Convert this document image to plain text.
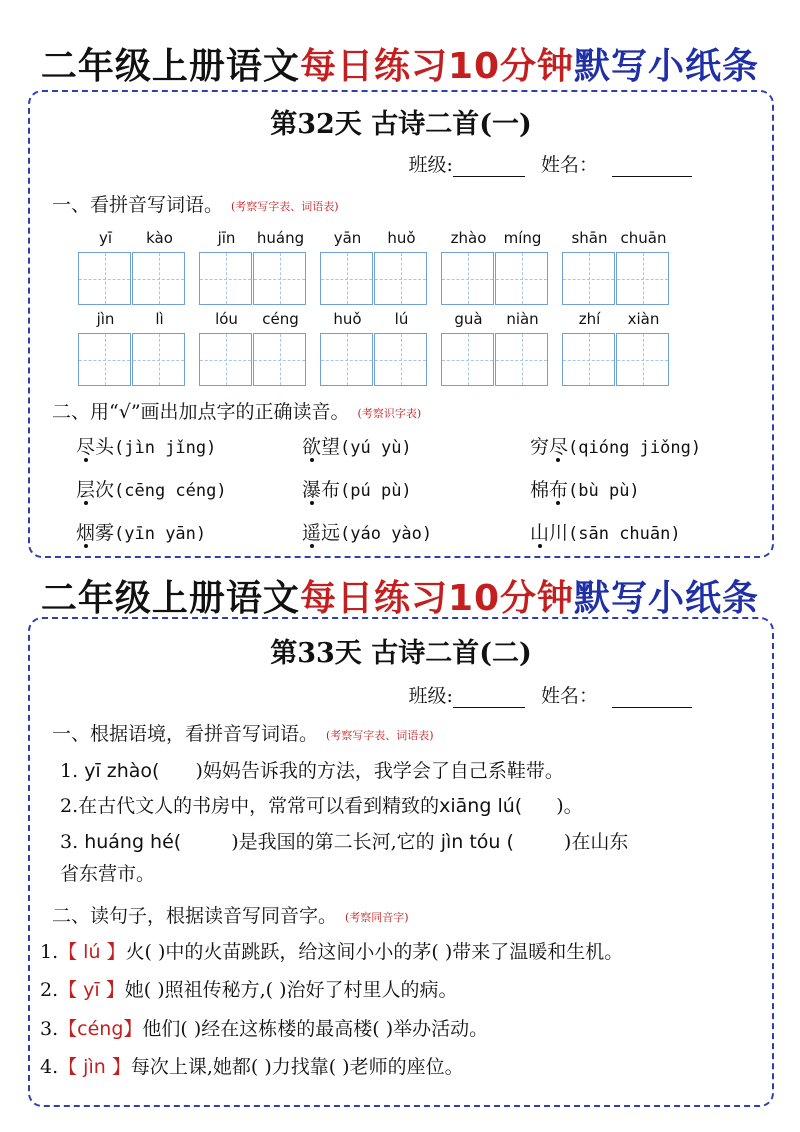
二年级上册语文每日练习10分钟默写小纸条
第32天 古诗二首(一)
班级:	姓名：
一、看拼音写词语。 (考察写字表、词语表)
yī	kào	jīn	huáng	yān	huǒ	zhào	míng	shān chuān
jìn	lì	lóu	céng	huǒ	lú	guà	niàn	zhí	xiàn
二、用“√”画出加点字的正确读音。 (考察识字表)
尽头(jìn jǐng)	欲望(yú yù)	穷尽(qióng jiǒng)
层次(cēng céng)	瀑布(pú pù)	棉布(bù pù)
烟雾(yīn yān)	遥远(yáo yào)	山川(sān chuān)
二年级上册语文每日练习10分钟默写小纸条
第33天 古诗二首(二)
班级:	姓名：
一、根据语境，看拼音写词语。 (考察写字表、词语表)
1. yī zhào( )妈妈告诉我的方法，我学会了自己系鞋带。
2.在古代文人的书房中，常常可以看到精致的xiāng lú( )。
3. huáng hé(	)是我国的第二长河,它的 jìn tóu (	)在山东
省东营市。
二、读句子，根据读音写同音字。 (考察同音字)
1.【 lú 】火( )中的火苗跳跃，给这间小小的茅( )带来了温暖和生机。
2.【 yī 】她( )照祖传秘方,( )治好了村里人的病。
3.【céng】他们( )经在这栋楼的最高楼( )举办活动。
4.【 jìn 】每次上课,她都( )力找靠( )老师的座位。
